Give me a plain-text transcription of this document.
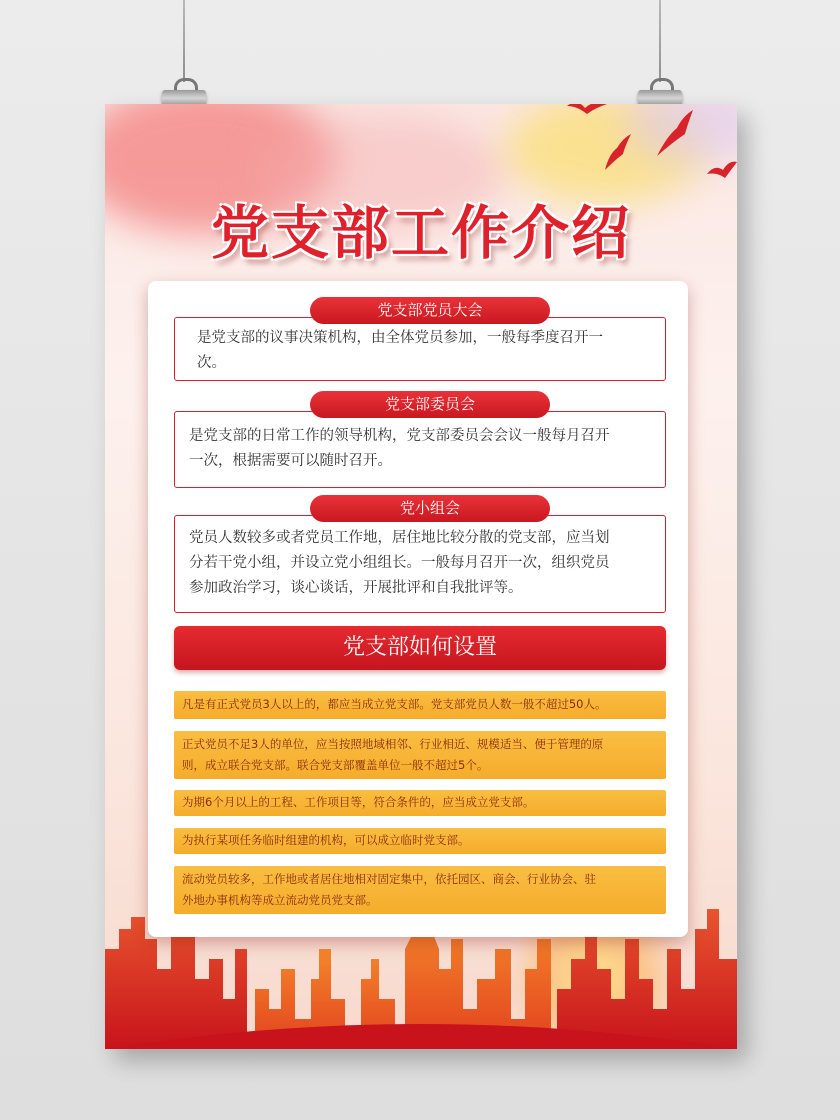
党支部工作介绍
党支部党员大会
是党支部的议事决策机构，由全体党员参加，一般每季度召开一
次。
党支部委员会
是党支部的日常工作的领导机构，党支部委员会会议一般每月召开
一次，根据需要可以随时召开。
党小组会
党员人数较多或者党员工作地，居住地比较分散的党支部，应当划
分若干党小组，并设立党小组组长。一般每月召开一次，组织党员
参加政治学习，谈心谈话，开展批评和自我批评等。
党支部如何设置
凡是有正式党员3人以上的，都应当成立党支部。党支部党员人数一般不超过50人。
正式党员不足3人的单位，应当按照地域相邻、行业相近、规模适当、便于管理的原
则，成立联合党支部。联合党支部覆盖单位一般不超过5个。
为期6个月以上的工程、工作项目等，符合条件的，应当成立党支部。
为执行某项任务临时组建的机构，可以成立临时党支部。
流动党员较多，工作地或者居住地相对固定集中，依托园区、商会、行业协会、驻
外地办事机构等成立流动党员党支部。
